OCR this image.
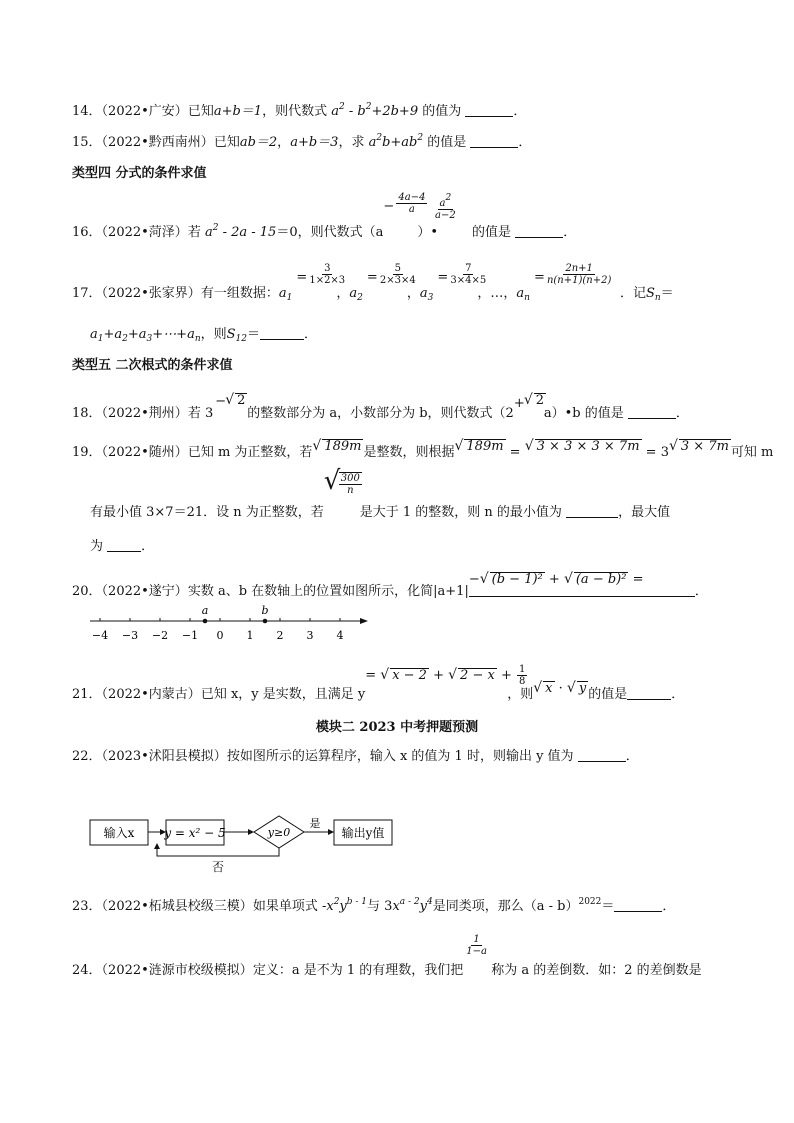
14．（2022•广安）已知a+b＝1，则代数式 $a^2 - b^2+2b+9$ 的值为	．
15．（2022•黔西南州）已知ab＝2，a+b＝3，求 $a^2b+ab^2$ 的值是	．
类型四 分式的条件求值
16．（2022•菏泽）若 $a^2 - 2a - 15=0$，则代数式（a
− $\frac{4a-4}{a}$
）•
$\frac{a^2}{a-2}$
的值是	．
17．（2022•张家界）有一组数据：$a_1$
= $\frac{3}{1\times 2\times 3}$
，$a_2$
= $\frac{5}{2\times 3\times 4}$
，$a_3$
= $\frac{7}{3\times 4\times 5}$
，…，$a_n$
= $\frac{2n+1}{n(n+1)(n+2)}$
．记$S_n=$
$a_1+a_2+a_3+\cdots+a_n$，则$S_{12}=$	．
类型五 二次根式的条件求值
18．（2022•荆州）若 3
− √ 2
的整数部分为 a，小数部分为 b，则代数式（2
+ √ 2
a）•b 的值是	．
19．（2022•随州）已知 m 为正整数，若√ 189m 是整数，则根据√ 189m = √ 3 × 3 × 3 × 7m = 3√ 3 × 7m 可知 m
有最小值 3×7＝21．设 n 为正整数，若
√
$\frac{300}{n}$
是大于 1 的整数，则 n 的最小值为	，最大值
为	．
20．（2022•遂宁）实数 a、b 在数轴上的位置如图所示，化简|a+1|
−√ (b − 1)² + √ (a − b)² =
．
−4 −3 −2 −1 0 1 2 3 4
a	b
21．（2022•内蒙古）已知 x，y 是实数，且满足 y
= √ x − 2 + √ $2 - x + \frac{1}{8}$
，则√ x · √ y 的值是	．
模块二 2023 中考押题预测
22．（2023•沭阳县模拟）按如图所示的运算程序，输入 x 的值为 1 时，则输出 y 值为	．
输入x y = x² − 5	y≥0
是
输出y值
否
23．（2022•柘城县校级三模）如果单项式 $-x^2y^{b - 1}$与 $3x^{a - 2}y^4$是同类项，那么（a - b）$^{2022}$＝	．
24．（2022•涟源市校级模拟）定义：a 是不为 1 的有理数，我们把
$\frac{1}{1-a}$
称为 a 的差倒数．如：2 的差倒数是
